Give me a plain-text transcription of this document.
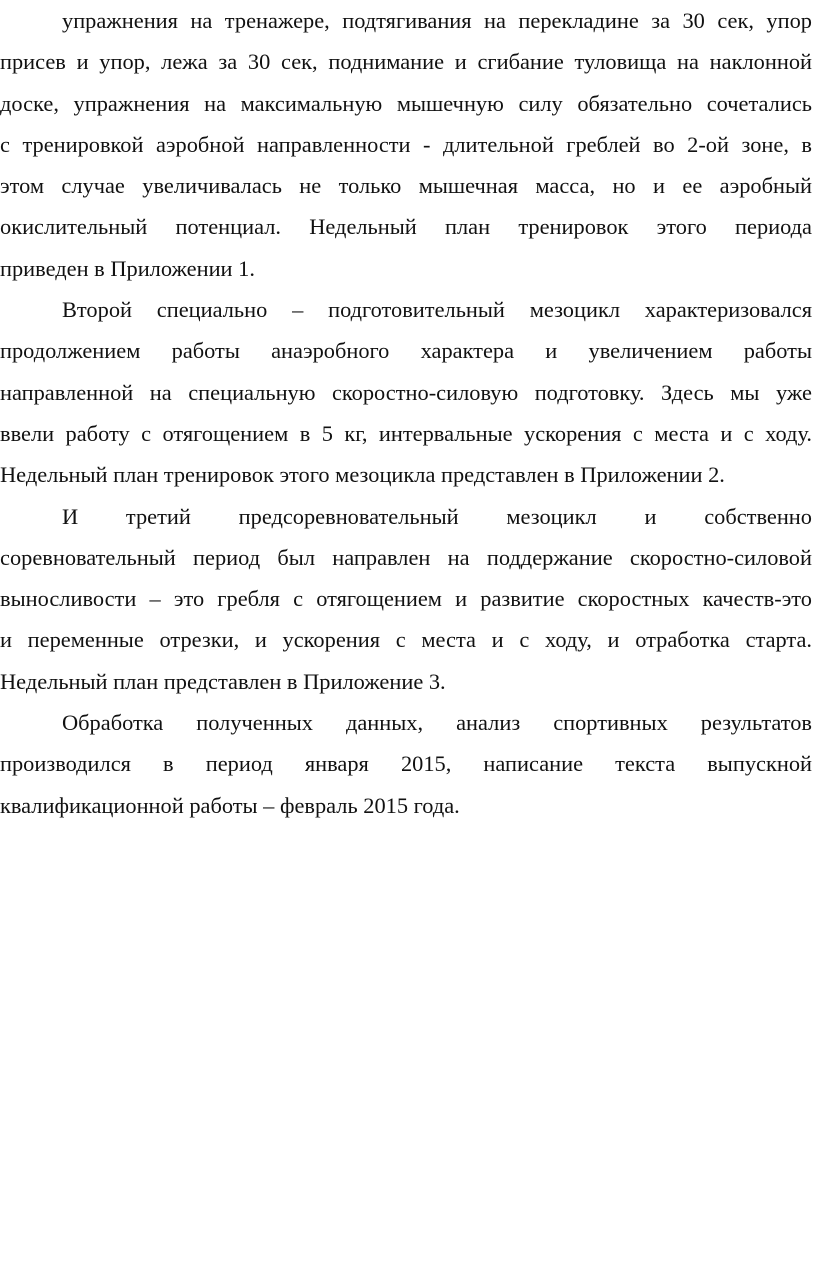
упражнения на тренажере, подтягивания на перекладине за 30 сек, упор
присев и упор, лежа за 30 сек, поднимание и сгибание туловища на наклонной
доске, упражнения на максимальную мышечную силу обязательно сочетались
с тренировкой аэробной направленности - длительной греблей во 2-ой зоне, в
этом случае увеличивалась не только мышечная масса, но и ее аэробный
окислительный потенциал. Недельный план тренировок этого периода
приведен в Приложении 1.
Второй специально – подготовительный мезоцикл характеризовался
продолжением работы анаэробного характера и увеличением работы
направленной на специальную скоростно-силовую подготовку. Здесь мы уже
ввели работу с отягощением в 5 кг, интервальные ускорения с места и с ходу.
Недельный план тренировок этого мезоцикла представлен в Приложении 2.
И третий предсоревновательный мезоцикл и собственно
соревновательный период был направлен на поддержание скоростно-силовой
выносливости – это гребля с отягощением и развитие скоростных качеств-это
и переменные отрезки, и ускорения с места и с ходу, и отработка старта.
Недельный план представлен в Приложение 3.
Обработка полученных данных, анализ спортивных результатов
производился в период января 2015, написание текста выпускной
квалификационной работы – февраль 2015 года.
